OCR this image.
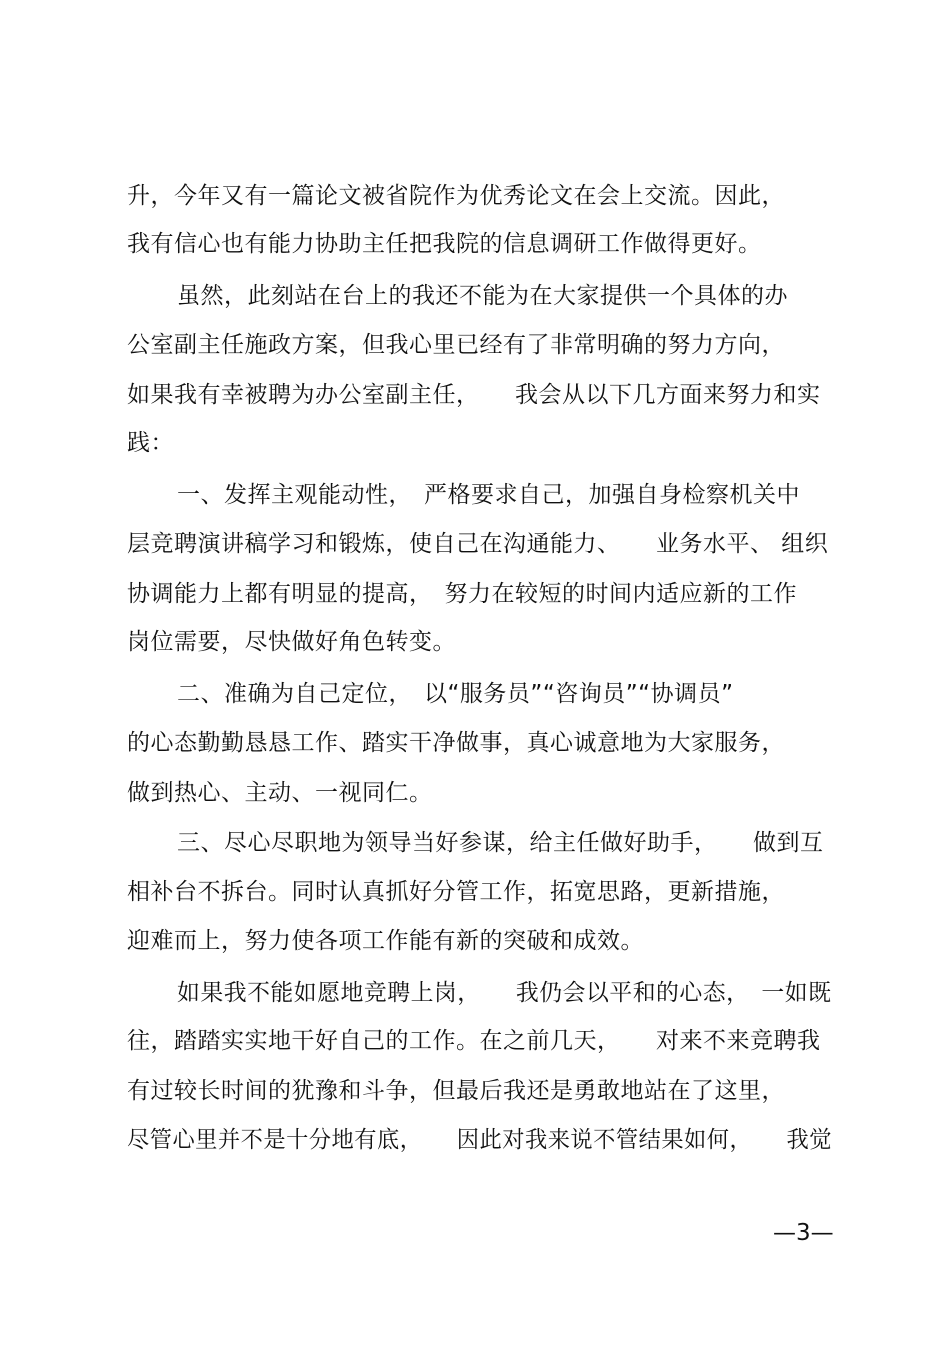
升，今年又有一篇论文被省院作为优秀论文在会上交流。因此，
我有信心也有能力协助主任把我院的信息调研工作做得更好。
虽然，此刻站在台上的我还不能为在大家提供一个具体的办
公室副主任施政方案，但我心里已经有了非常明确的努力方向，
如果我有幸被聘为办公室副主任，　　我会从以下几方面来努力和实
践：
一、发挥主观能动性，　严格要求自己，加强自身检察机关中
层竞聘演讲稿学习和锻炼，使自己在沟通能力、　　业务水平、 组织
协调能力上都有明显的提高，　努力在较短的时间内适应新的工作
岗位需要，尽快做好角色转变。
二、准确为自己定位，　以“服务员”“咨询员”“协调员”
的心态勤勤恳恳工作、踏实干净做事，真心诚意地为大家服务，
做到热心、主动、一视同仁。
三、尽心尽职地为领导当好参谋，给主任做好助手，　　做到互
相补台不拆台。同时认真抓好分管工作，拓宽思路，更新措施，
迎难而上，努力使各项工作能有新的突破和成效。
如果我不能如愿地竞聘上岗，　　我仍会以平和的心态，　一如既
往，踏踏实实地干好自己的工作。在之前几天，　　对来不来竞聘我
有过较长时间的犹豫和斗争，但最后我还是勇敢地站在了这里，
尽管心里并不是十分地有底，　　因此对我来说不管结果如何，　　我觉
—3—
